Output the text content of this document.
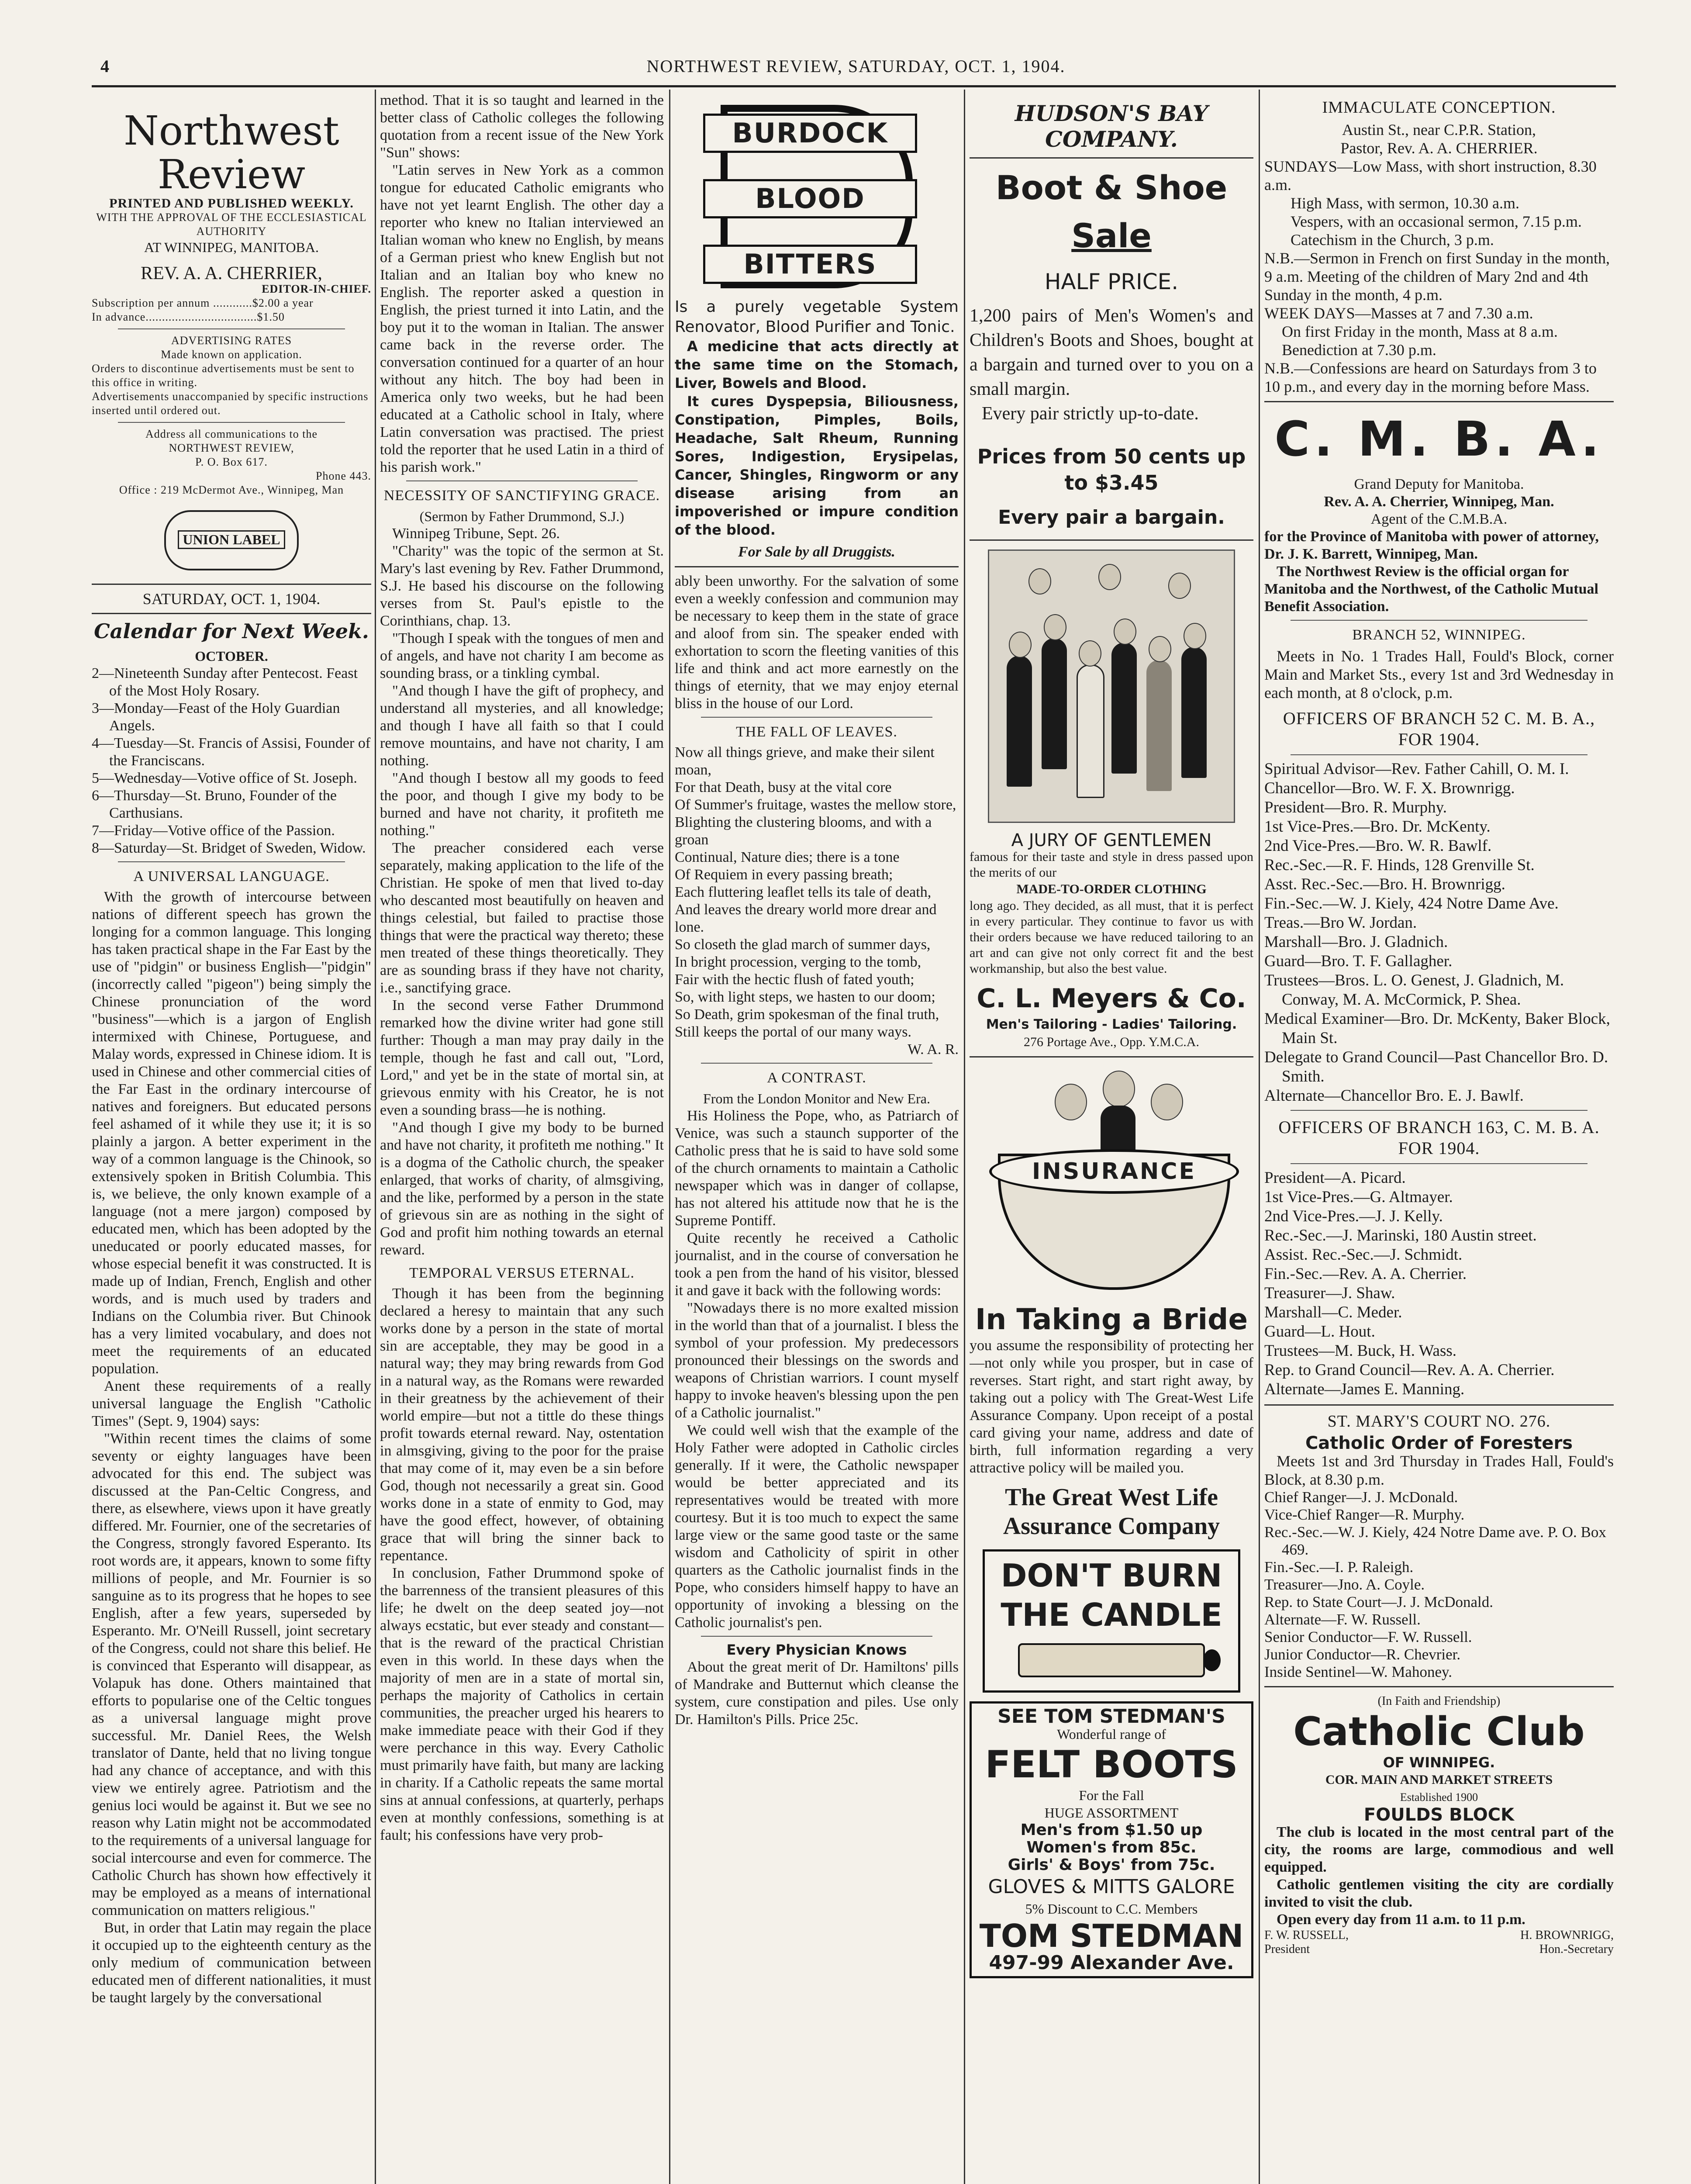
4	NORTHWEST REVIEW, SATURDAY, OCT. 1, 1904.
Northwest Review
PRINTED AND PUBLISHED WEEKLY.
WITH THE APPROVAL OF THE ECCLESIASTICAL AUTHORITY
AT WINNIPEG, MANITOBA.
REV. A. A. CHERRIER,
EDITOR-IN-CHIEF.
Subscription per annum ............$2.00 a year
In advance..................................$1.50
ADVERTISING RATES
Made known on application.
Orders to discontinue advertisements must be sent to this office in writing.
Advertisements unaccompanied by specific instructions inserted until ordered out.
Address all communications to the
NORTHWEST REVIEW,
P. O. Box 617.
Phone 443.
Office : 219 McDermot Ave., Winnipeg, Man
UNION LABEL
SATURDAY, OCT. 1, 1904.
Calendar for Next Week.
OCTOBER.

2—Nineteenth Sunday after Pentecost. Feast of the Most Holy Rosary.

3—Monday—Feast of the Holy Guardian Angels.

4—Tuesday—St. Francis of Assisi, Founder of the Franciscans.

5—Wednesday—Votive office of St. Joseph.

6—Thursday—St. Bruno, Founder of the Carthusians.

7—Friday—Votive office of the Passion.

8—Saturday—St. Bridget of Sweden, Widow.

A UNIVERSAL LANGUAGE.

With the growth of intercourse between nations of different speech has grown the longing for a common language. This longing has taken practical shape in the Far East by the use of "pidgin" or business English—"pidgin" (incorrectly called "pigeon") being simply the Chinese pronunciation of the word "business"—which is a jargon of English intermixed with Chinese, Portuguese, and Malay words, expressed in Chinese idiom. It is used in Chinese and other commercial cities of the Far East in the ordinary intercourse of natives and foreigners. But educated persons feel ashamed of it while they use it; it is so plainly a jargon. A better experiment in the way of a common language is the Chinook, so extensively spoken in British Columbia. This is, we believe, the only known example of a language (not a mere jargon) composed by educated men, which has been adopted by the uneducated or poorly educated masses, for whose especial benefit it was constructed. It is made up of Indian, French, English and other words, and is much used by traders and Indians on the Columbia river. But Chinook has a very limited vocabulary, and does not meet the requirements of an educated population.

Anent these requirements of a really universal language the English "Catholic Times" (Sept. 9, 1904) says:

"Within recent times the claims of some seventy or eighty languages have been advocated for this end. The subject was discussed at the Pan-Celtic Congress, and there, as elsewhere, views upon it have greatly differed. Mr. Fournier, one of the secretaries of the Congress, strongly favored Esperanto. Its root words are, it appears, known to some fifty millions of people, and Mr. Fournier is so sanguine as to its progress that he hopes to see English, after a few years, superseded by Esperanto. Mr. O'Neill Russell, joint secretary of the Congress, could not share this belief. He is convinced that Esperanto will disappear, as Volapuk has done. Others maintained that efforts to popularise one of the Celtic tongues as a universal language might prove successful. Mr. Daniel Rees, the Welsh translator of Dante, held that no living tongue had any chance of acceptance, and with this view we entirely agree. Patriotism and the genius loci would be against it. But we see no reason why Latin might not be accommodated to the requirements of a universal language for social intercourse and even for commerce. The Catholic Church has shown how effectively it may be employed as a means of international communication on matters religious."

But, in order that Latin may regain the place it occupied up to the eighteenth century as the only medium of communication between educated men of different nationalities, it must be taught largely by the conversational

method. That it is so taught and learned in the better class of Catholic colleges the following quotation from a recent issue of the New York "Sun" shows:

"Latin serves in New York as a common tongue for educated Catholic emigrants who have not yet learnt English. The other day a reporter who knew no Italian interviewed an Italian woman who knew no English, by means of a German priest who knew English but not Italian and an Italian boy who knew no English. The reporter asked a question in English, the priest turned it into Latin, and the boy put it to the woman in Italian. The answer came back in the reverse order. The conversation continued for a quarter of an hour without any hitch. The boy had been in America only two weeks, but he had been educated at a Catholic school in Italy, where Latin conversation was practised. The priest told the reporter that he used Latin in a third of his parish work."

NECESSITY OF SANCTIFYING GRACE.
(Sermon by Father Drummond, S.J.)

Winnipeg Tribune, Sept. 26.

"Charity" was the topic of the sermon at St. Mary's last evening by Rev. Father Drummond, S.J. He based his discourse on the following verses from St. Paul's epistle to the Corinthians, chap. 13.

"Though I speak with the tongues of men and of angels, and have not charity I am become as sounding brass, or a tinkling cymbal.

"And though I have the gift of prophecy, and understand all mysteries, and all knowledge; and though I have all faith so that I could remove mountains, and have not charity, I am nothing.

"And though I bestow all my goods to feed the poor, and though I give my body to be burned and have not charity, it profiteth me nothing."

The preacher considered each verse separately, making application to the life of the Christian. He spoke of men that lived to-day who descanted most beautifully on heaven and things celestial, but failed to practise those things that were the practical way thereto; these men treated of these things theoretically. They are as sounding brass if they have not charity, i.e., sanctifying grace.

In the second verse Father Drummond remarked how the divine writer had gone still further: Though a man may pray daily in the temple, though he fast and call out, "Lord, Lord," and yet be in the state of mortal sin, at grievous enmity with his Creator, he is not even a sounding brass—he is nothing.

"And though I give my body to be burned and have not charity, it profiteth me nothing." It is a dogma of the Catholic church, the speaker enlarged, that works of charity, of almsgiving, and the like, performed by a person in the state of grievous sin are as nothing in the sight of God and profit him nothing towards an eternal reward.

TEMPORAL VERSUS ETERNAL.

Though it has been from the beginning declared a heresy to maintain that any such works done by a person in the state of mortal sin are acceptable, they may be good in a natural way; they may bring rewards from God in a natural way, as the Romans were rewarded in their greatness by the achievement of their world empire—but not a tittle do these things profit towards eternal reward. Nay, ostentation in almsgiving, giving to the poor for the praise that may come of it, may even be a sin before God, though not necessarily a great sin. Good works done in a state of enmity to God, may have the good effect, however, of obtaining grace that will bring the sinner back to repentance.

In conclusion, Father Drummond spoke of the barrenness of the transient pleasures of this life; he dwelt on the deep seated joy—not always ecstatic, but ever steady and constant—that is the reward of the practical Christian even in this world. In these days when the majority of men are in a state of mortal sin, perhaps the majority of Catholics in certain communities, the preacher urged his hearers to make immediate peace with their God if they were perchance in this way. Every Catholic must primarily have faith, but many are lacking in charity. If a Catholic repeats the same mortal sins at annual confessions, at quarterly, perhaps even at monthly confessions, something is at fault; his confessions have very prob-

BURDOCK
BLOOD
BITTERS

Is a purely vegetable System Renovator, Blood Purifier and Tonic.

A medicine that acts directly at the same time on the Stomach, Liver, Bowels and Blood.

It cures Dyspepsia, Biliousness, Constipation, Pimples, Boils, Headache, Salt Rheum, Running Sores, Indigestion, Erysipelas, Cancer, Shingles, Ringworm or any disease arising from an impoverished or impure condition of the blood.

For Sale by all Druggists.

ably been unworthy. For the salvation of some even a weekly confession and communion may be necessary to keep them in the state of grace and aloof from sin. The speaker ended with exhortation to scorn the fleeting vanities of this life and think and act more earnestly on the things of eternity, that we may enjoy eternal bliss in the house of our Lord.

THE FALL OF LEAVES.

Now all things grieve, and make their silent moan,

For that Death, busy at the vital core

Of Summer's fruitage, wastes the mellow store,

Blighting the clustering blooms, and with a groan

Continual, Nature dies; there is a tone

Of Requiem in every passing breath;

Each fluttering leaflet tells its tale of death,

And leaves the dreary world more drear and lone.

So closeth the glad march of summer days,

In bright procession, verging to the tomb,

Fair with the hectic flush of fated youth;

So, with light steps, we hasten to our doom;

So Death, grim spokesman of the final truth,

Still keeps the portal of our many ways.

W. A. R.

A CONTRAST.
From the London Monitor and New Era.

His Holiness the Pope, who, as Patriarch of Venice, was such a staunch supporter of the Catholic press that he is said to have sold some of the church ornaments to maintain a Catholic newspaper which was in danger of collapse, has not altered his attitude now that he is the Supreme Pontiff.

Quite recently he received a Catholic journalist, and in the course of conversation he took a pen from the hand of his visitor, blessed it and gave it back with the following words:

"Nowadays there is no more exalted mission in the world than that of a journalist. I bless the symbol of your profession. My predecessors pronounced their blessings on the swords and weapons of Christian warriors. I count myself happy to invoke heaven's blessing upon the pen of a Catholic journalist."

We could well wish that the example of the Holy Father were adopted in Catholic circles generally. If it were, the Catholic newspaper would be better appreciated and its representatives would be treated with more courtesy. But it is too much to expect the same large view or the same good taste or the same wisdom and Catholicity of spirit in other quarters as the Catholic journalist finds in the Pope, who considers himself happy to have an opportunity of invoking a blessing on the Catholic journalist's pen.

Every Physician Knows

About the great merit of Dr. Hamiltons' pills of Mandrake and Butternut which cleanse the system, cure constipation and piles. Use only Dr. Hamilton's Pills. Price 25c.

HUDSON'S BAY COMPANY.
Boot & Shoe
Sale
HALF PRICE.

1,200 pairs of Men's Women's and Children's Boots and Shoes, bought at a bargain and turned over to you on a small margin.

Every pair strictly up-to-date.

Prices from 50 cents up to $3.45
Every pair a bargain.
A JURY OF GENTLEMEN

famous for their taste and style in dress passed upon the merits of our

MADE-TO-ORDER CLOTHING

long ago. They decided, as all must, that it is perfect in every particular. They continue to favor us with their orders because we have reduced tailoring to an art and can give not only correct fit and the best workmanship, but also the best value.

C. L. Meyers & Co.
Men's Tailoring - Ladies' Tailoring.
276 Portage Ave., Opp. Y.M.C.A.
INSURANCE
In Taking a Bride

you assume the responsibility of protecting her—not only while you prosper, but in case of reverses. Start right, and start right away, by taking out a policy with The Great-West Life Assurance Company. Upon receipt of a postal card giving your name, address and date of birth, full information regarding a very attractive policy will be mailed you.

The Great West Life
Assurance Company
DON'T BURN
THE CANDLE
SEE TOM STEDMAN'S
Wonderful range of
FELT BOOTS
For the Fall
HUGE ASSORTMENT
Men's from $1.50 up
Women's from 85c.
Girls' & Boys' from 75c.
GLOVES & MITTS GALORE
5% Discount to C.C. Members
TOM STEDMAN
497-99 Alexander Ave.
IMMACULATE CONCEPTION.

Austin St., near C.P.R. Station,

Pastor, Rev. A. A. CHERRIER.

SUNDAYS—Low Mass, with short instruction, 8.30 a.m.

High Mass, with sermon, 10.30 a.m.

Vespers, with an occasional sermon, 7.15 p.m.

Catechism in the Church, 3 p.m.

N.B.—Sermon in French on first Sunday in the month, 9 a.m. Meeting of the children of Mary 2nd and 4th Sunday in the month, 4 p.m.

WEEK DAYS—Masses at 7 and 7.30 a.m.

On first Friday in the month, Mass at 8 a.m. Benediction at 7.30 p.m.

N.B.—Confessions are heard on Saturdays from 3 to 10 p.m., and every day in the morning before Mass.

C. M. B. A.

Grand Deputy for Manitoba.

Rev. A. A. Cherrier, Winnipeg, Man.

Agent of the C.M.B.A.

for the Province of Manitoba with power of attorney, Dr. J. K. Barrett, Winnipeg, Man.

The Northwest Review is the official organ for Manitoba and the Northwest, of the Catholic Mutual Benefit Association.

BRANCH 52, WINNIPEG.

Meets in No. 1 Trades Hall, Fould's Block, corner Main and Market Sts., every 1st and 3rd Wednesday in each month, at 8 o'clock, p.m.

OFFICERS OF BRANCH 52 C. M. B. A., FOR 1904.

Spiritual Advisor—Rev. Father Cahill, O. M. I.

Chancellor—Bro. W. F. X. Brownrigg.

President—Bro. R. Murphy.

1st Vice-Pres.—Bro. Dr. McKenty.

2nd Vice-Pres.—Bro. W. R. Bawlf.

Rec.-Sec.—R. F. Hinds, 128 Grenville St.

Asst. Rec.-Sec.—Bro. H. Brownrigg.

Fin.-Sec.—W. J. Kiely, 424 Notre Dame Ave.

Treas.—Bro W. Jordan.

Marshall—Bro. J. Gladnich.

Guard—Bro. T. F. Gallagher.

Trustees—Bros. L. O. Genest, J. Gladnich, M. Conway, M. A. McCormick, P. Shea.

Medical Examiner—Bro. Dr. McKenty, Baker Block, Main St.

Delegate to Grand Council—Past Chancellor Bro. D. Smith.

Alternate—Chancellor Bro. E. J. Bawlf.

OFFICERS OF BRANCH 163, C. M. B. A. FOR 1904.

President—A. Picard.

1st Vice-Pres.—G. Altmayer.

2nd Vice-Pres.—J. J. Kelly.

Rec.-Sec.—J. Marinski, 180 Austin street.

Assist. Rec.-Sec.—J. Schmidt.

Fin.-Sec.—Rev. A. A. Cherrier.

Treasurer—J. Shaw.

Marshall—C. Meder.

Guard—L. Hout.

Trustees—M. Buck, H. Wass.

Rep. to Grand Council—Rev. A. A. Cherrier.

Alternate—James E. Manning.

ST. MARY'S COURT NO. 276.
Catholic Order of Foresters

Meets 1st and 3rd Thursday in Trades Hall, Fould's Block, at 8.30 p.m.

Chief Ranger—J. J. McDonald.

Vice-Chief Ranger—R. Murphy.

Rec.-Sec.—W. J. Kiely, 424 Notre Dame ave. P. O. Box 469.

Fin.-Sec.—I. P. Raleigh.

Treasurer—Jno. A. Coyle.

Rep. to State Court—J. J. McDonald.

Alternate—F. W. Russell.

Senior Conductor—F. W. Russell.

Junior Conductor—R. Chevrier.

Inside Sentinel—W. Mahoney.

(In Faith and Friendship)
Catholic Club
OF WINNIPEG.
COR. MAIN AND MARKET STREETS
Established 1900
FOULDS BLOCK

The club is located in the most central part of the city, the rooms are large, commodious and well equipped.

Catholic gentlemen visiting the city are cordially invited to visit the club.

Open every day from 11 a.m. to 11 p.m.

F. W. RUSSELL,	H. BROWNRIGG,
President	Hon.-Secretary
